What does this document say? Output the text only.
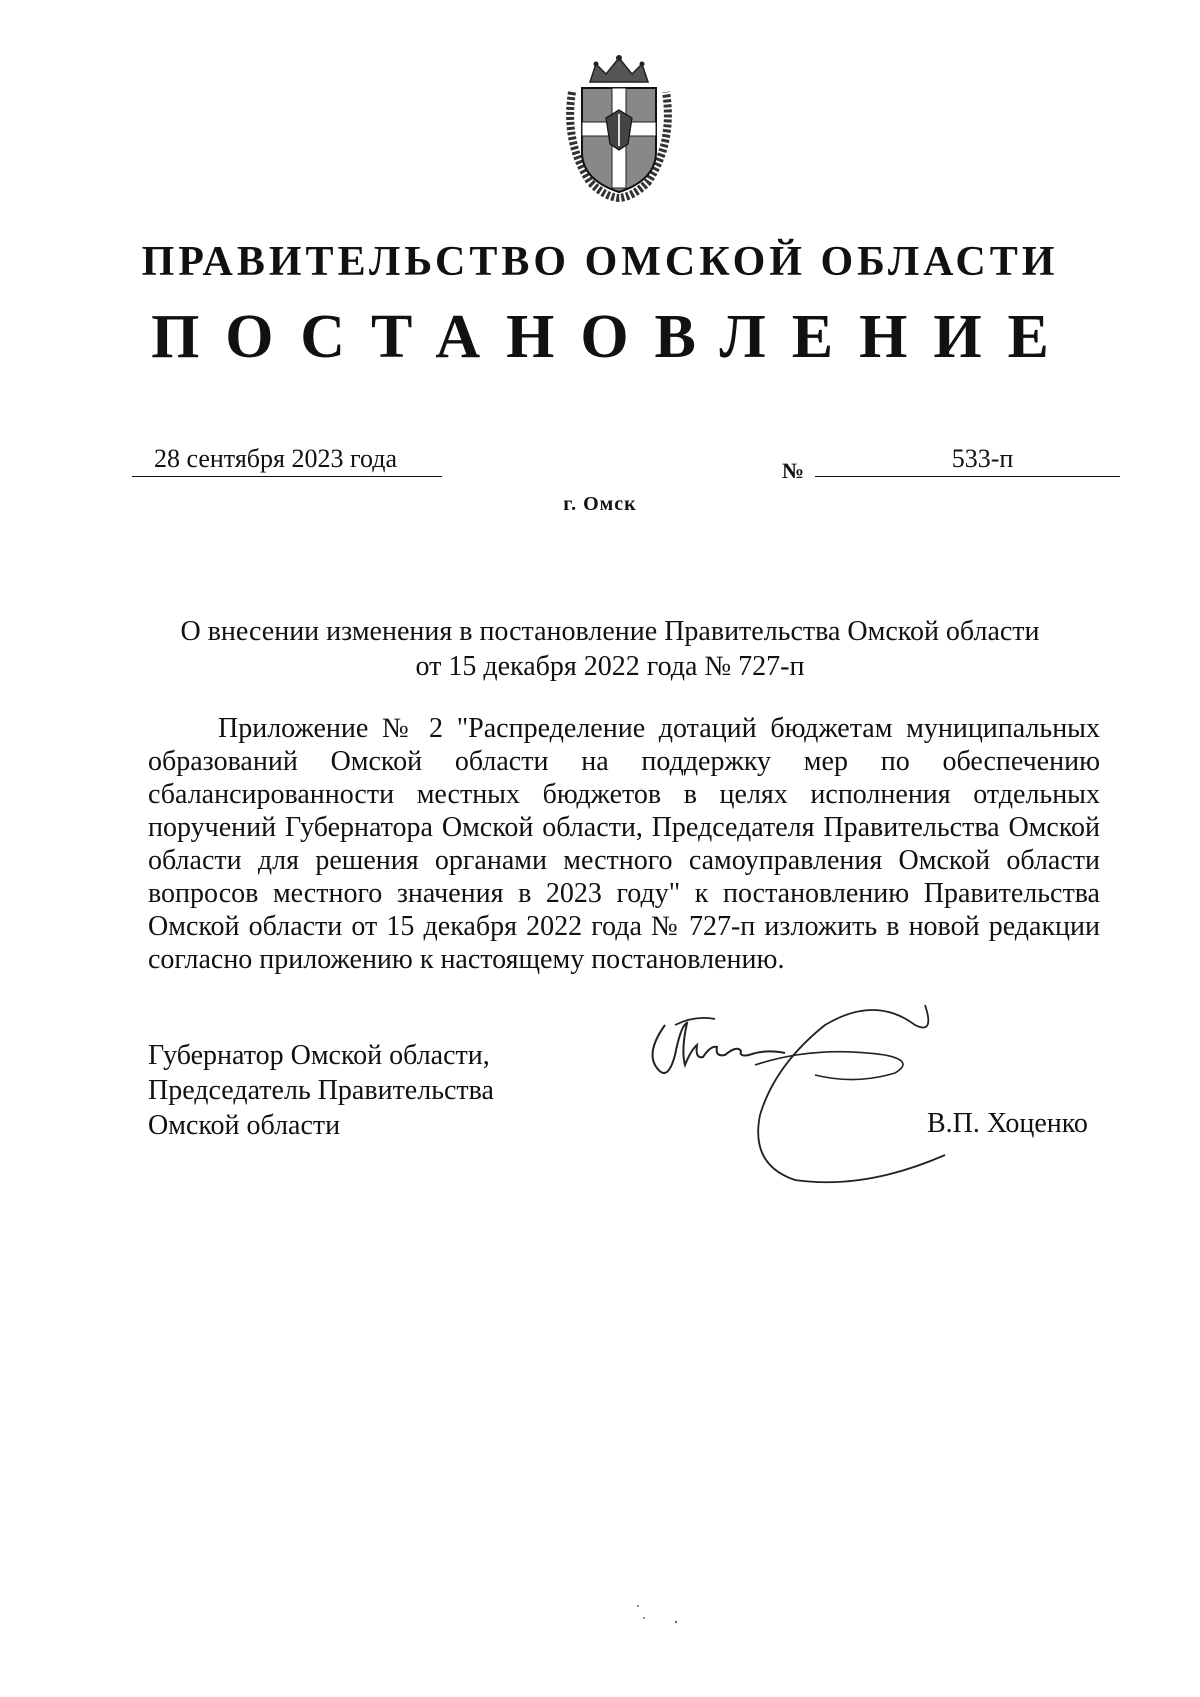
ПРАВИТЕЛЬСТВО ОМСКОЙ ОБЛАСТИ
ПОСТАНОВЛЕНИЕ
28 сентября 2023 года	№	533-п
г. Омск
О внесении изменения в постановление Правительства Омской области
от 15 декабря 2022 года № 727-п
Приложение № 2 "Распределение дотаций бюджетам муниципальных образований Омской области на поддержку мер по обеспечению сбалансированности местных бюджетов в целях исполнения отдельных поручений Губернатора Омской области, Председателя Правительства Омской области для решения органами местного самоуправления Омской области вопросов местного значения в 2023 году" к постановлению Правительства Омской области от 15 декабря 2022 года № 727-п изложить в новой редакции согласно приложению к настоящему постановлению.
Губернатор Омской области,
Председатель Правительства
Омской области	В.П. Хоценко
